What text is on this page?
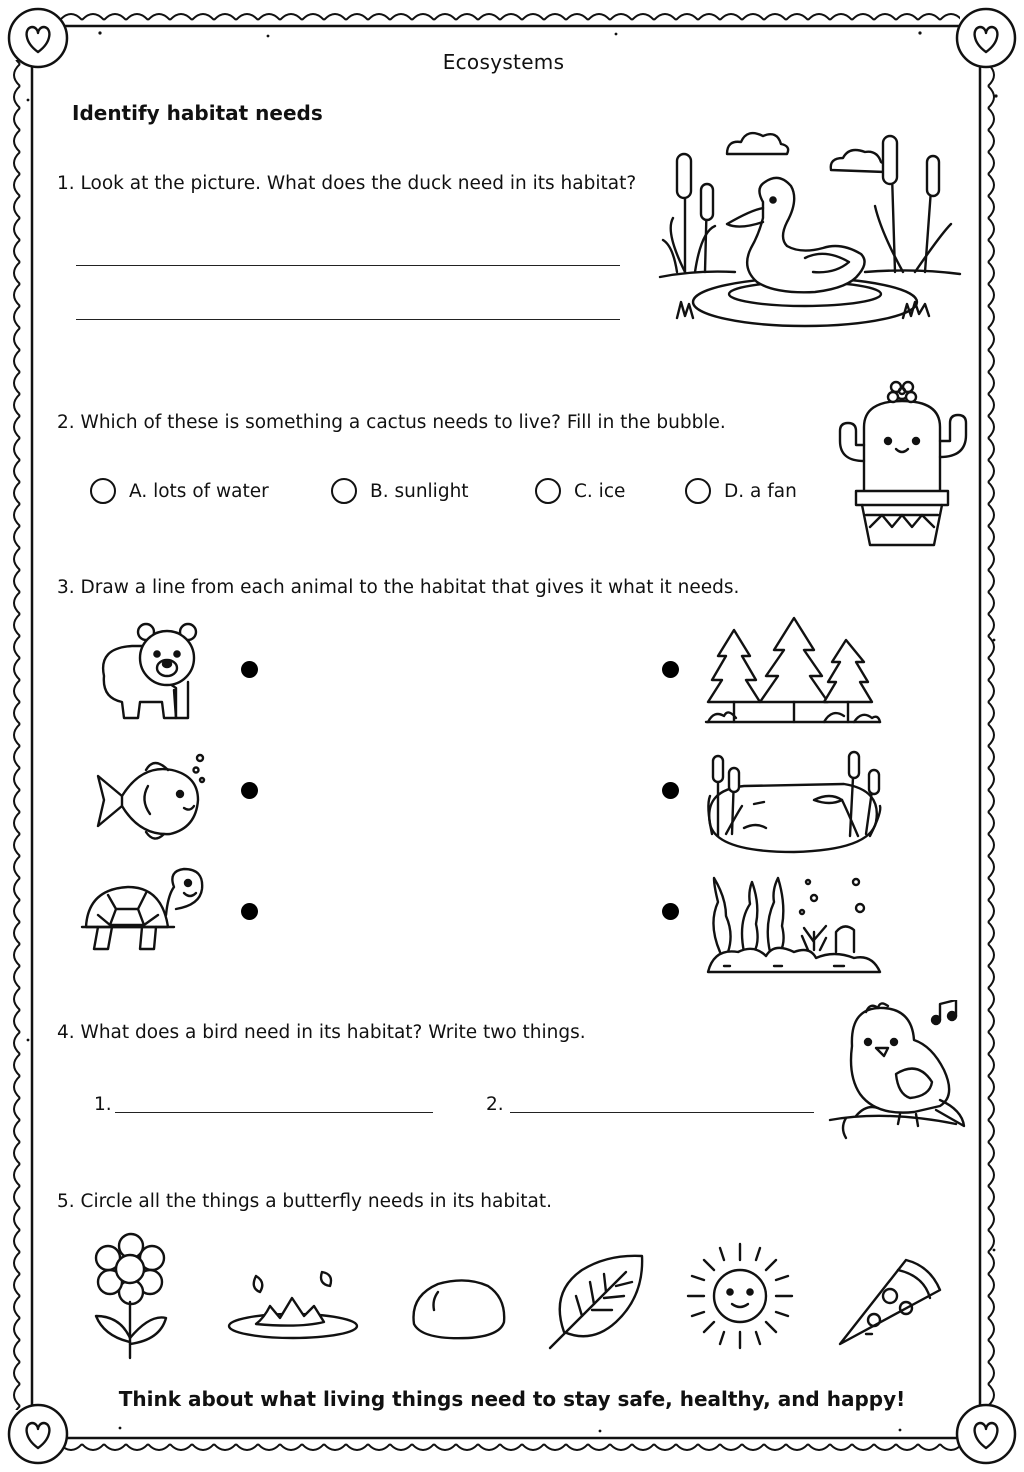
Ecosystems
Identify habitat needs
1. Look at the picture. What does the duck need in its habitat?
2. Which of these is something a cactus needs to live? Fill in the bubble.
A. lots of water	B. sunlight	C. ice	D. a fan
3. Draw a line from each animal to the habitat that gives it what it needs.
4. What does a bird need in its habitat? Write two things.
1.	2.
5. Circle all the things a butterfly needs in its habitat.
Think about what living things need to stay safe, healthy, and happy!
